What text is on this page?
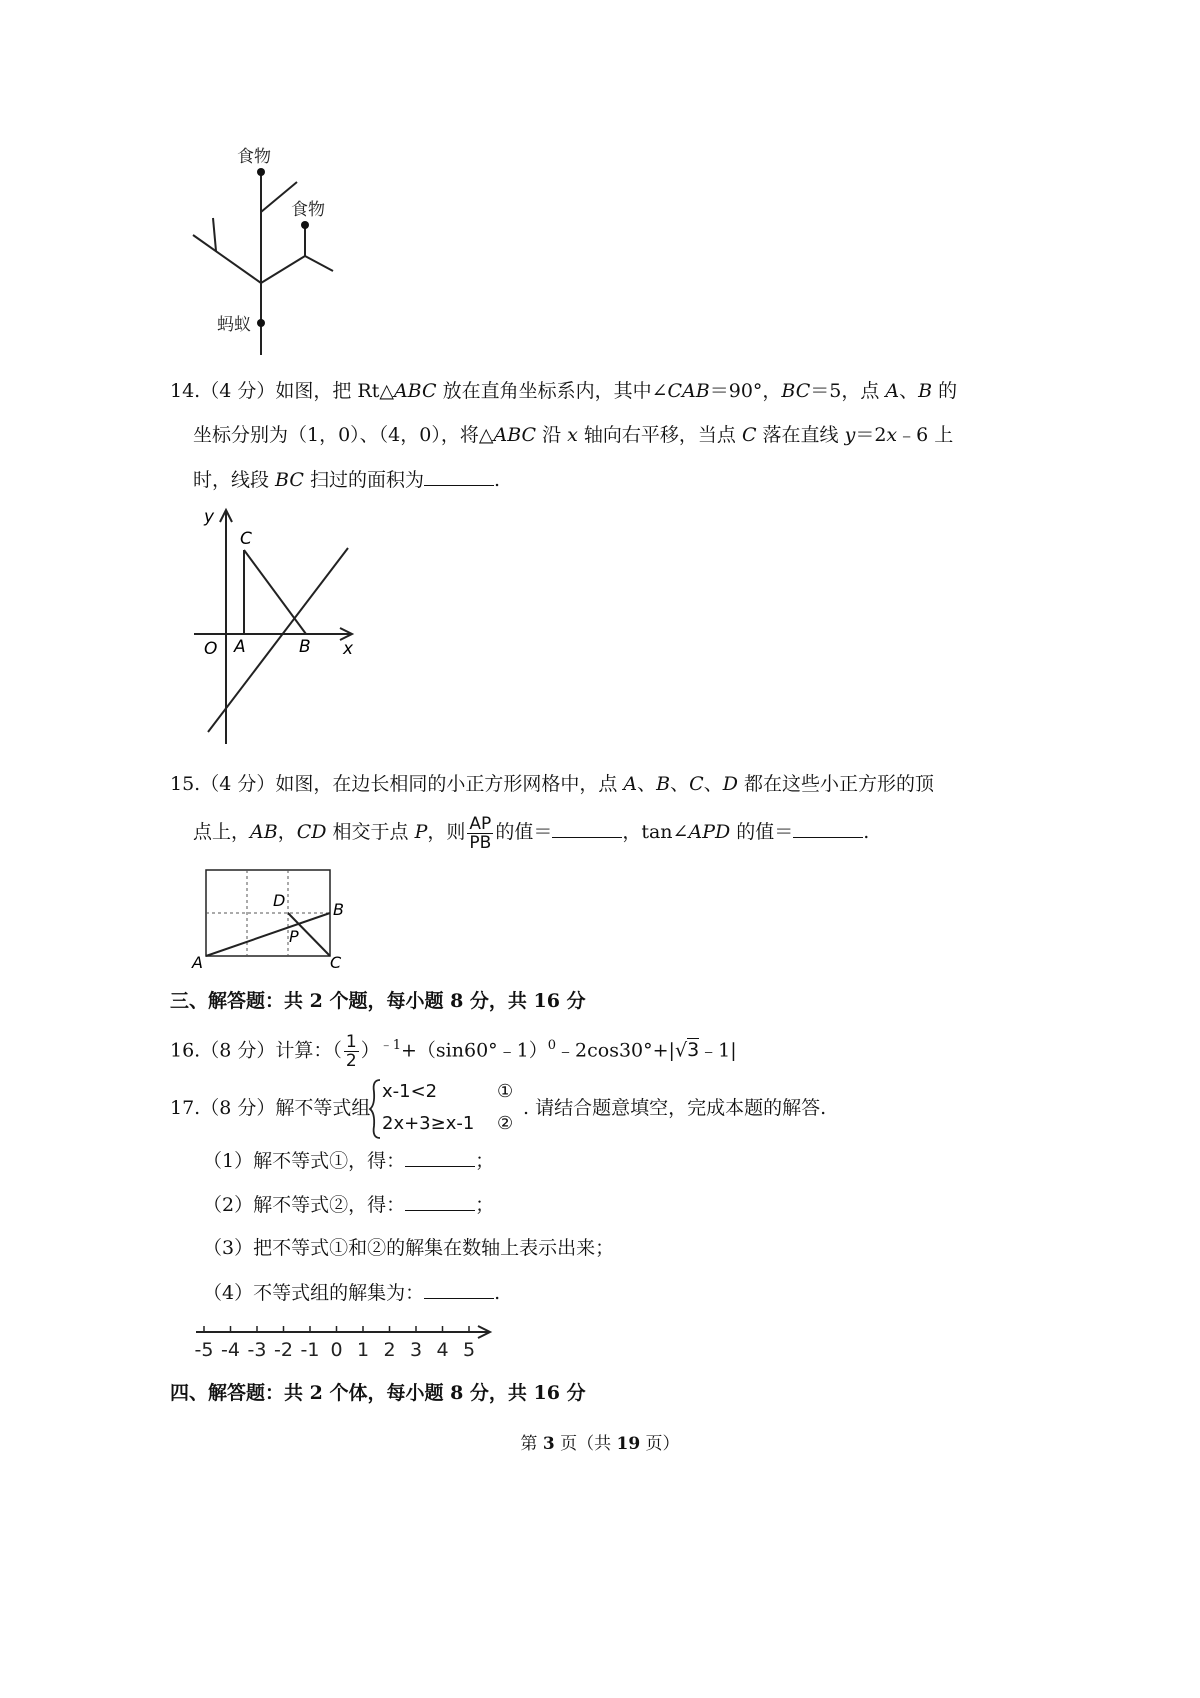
食物
食物
蚂蚁
14.（4 分）如图，把 Rt△ABC 放在直角坐标系内，其中∠CAB＝90°，BC＝5，点 A、B 的
坐标分别为（1，0）、（4，0），将△ABC 沿 x 轴向右平移，当点 C 落在直线 y＝2x﹣6 上
时，线段 BC 扫过的面积为	.
y
x
C
O A	B
15.（4 分）如图，在边长相同的小正方形网格中，点 A、B、C、D 都在这些小正方形的顶
点上，AB，CD 相交于点 P，则 $\frac{AP}{PB}$ 的值＝	，tan∠APD 的值＝	.
A
B
C
D
P
三、解答题：共 2 个题，每小题 8 分，共 16 分
16.（8 分）计算：（ $\frac{1}{2}$ ）$^{﹣1}$+（sin60°﹣1）$^0$﹣2cos30°+|√3﹣1|
17.（8 分）解不等式组
x-1<2
2x+3≥x-1
①
②
. 请结合题意填空，完成本题的解答.
（1）解不等式①，得：	；
（2）解不等式②，得：	；
（3）把不等式①和②的解集在数轴上表示出来；
（4）不等式组的解集为：	.
-5 -4 -3 -2 -1 0 1 2 3 4 5
四、解答题：共 2 个体，每小题 8 分，共 16 分
第 3 页（共 19 页）
